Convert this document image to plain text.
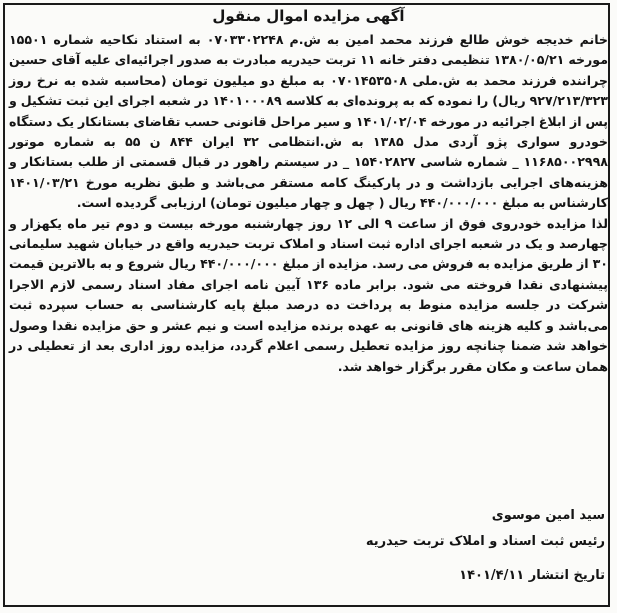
آگهی مزایده اموال منقول

خانم خدیجه خوش طالع فرزند محمد امین به ش.م ۰۷۰۳۳۰۲۲۴۸ به استناد نکاحیه شماره ۱۵۵۰۱ مورخه ۱۳۸۰/۰۵/۲۱ تنظیمی دفتر خانه ۱۱ تربت حیدریه مبادرت به صدور اجرائیه‌ای علیه آقای حسین چراننده فرزند محمد به ش.ملی ۰۷۰۱۴۵۳۵۰۸ به مبلغ دو میلیون تومان (محاسبه شده به نرخ روز ۹۲۷/۲۱۳/۳۲۳ ریال) را نموده که به پرونده‌ای به کلاسه ۱۴۰۱۰۰۰۸۹ در شعبه اجرای این ثبت تشکیل و پس از ابلاغ اجرائیه در مورخه ۱۴۰۱/۰۲/۰۴ و سیر مراحل قانونی حسب تقاضای بستانکار یک دستگاه خودرو سواری پژو آردی مدل ۱۳۸۵ به ش.انتظامی ۳۲ ایران ۸۴۴ ن ۵۵ به شماره موتور ۱۱۶۸۵۰۰۲۹۹۸ _ شماره شاسی ۱۵۴۰۲۸۲۷ _ در سیستم راهور در قبال قسمتی از طلب بستانکار و هزینه‌های اجرایی بازداشت و در پارکینگ کامه مستقر می‌باشد و طبق نظریه مورخ ۱۴۰۱/۰۳/۲۱ کارشناس به مبلغ ۴۴۰/۰۰۰/۰۰۰ ریال ( چهل و چهار میلیون تومان) ارزیابی گردیده است.

لذا مزایده خودروی فوق از ساعت ۹ الی ۱۲ روز چهارشنبه مورخه بیست و دوم تیر ماه یکهزار و چهارصد و یک در شعبه اجرای اداره ثبت اسناد و املاک تربت حیدریه واقع در خیابان شهید سلیمانی ۳۰ از طریق مزایده به فروش می رسد. مزایده از مبلغ ۴۴۰/۰۰۰/۰۰۰ ریال شروع و به بالاترین قیمت پیشنهادی نقدا فروخته می شود. برابر ماده ۱۳۶ آیین نامه اجرای مفاد اسناد رسمی لازم الاجرا شرکت در جلسه مزایده منوط به پرداخت ده درصد مبلغ پایه کارشناسی به حساب سپرده ثبت می‌باشد و کلیه هزینه های قانونی به عهده برنده مزایده است و نیم عشر و حق مزایده نقدا وصول خواهد شد ضمنا چنانچه روز مزایده تعطیل رسمی اعلام گردد، مزایده روز اداری بعد از تعطیلی در همان ساعت و مکان مقرر برگزار خواهد شد.

سید امین موسوی
رئیس ثبت اسناد و املاک تربت حیدریه
تاریخ انتشار ۱۴۰۱/۴/۱۱
